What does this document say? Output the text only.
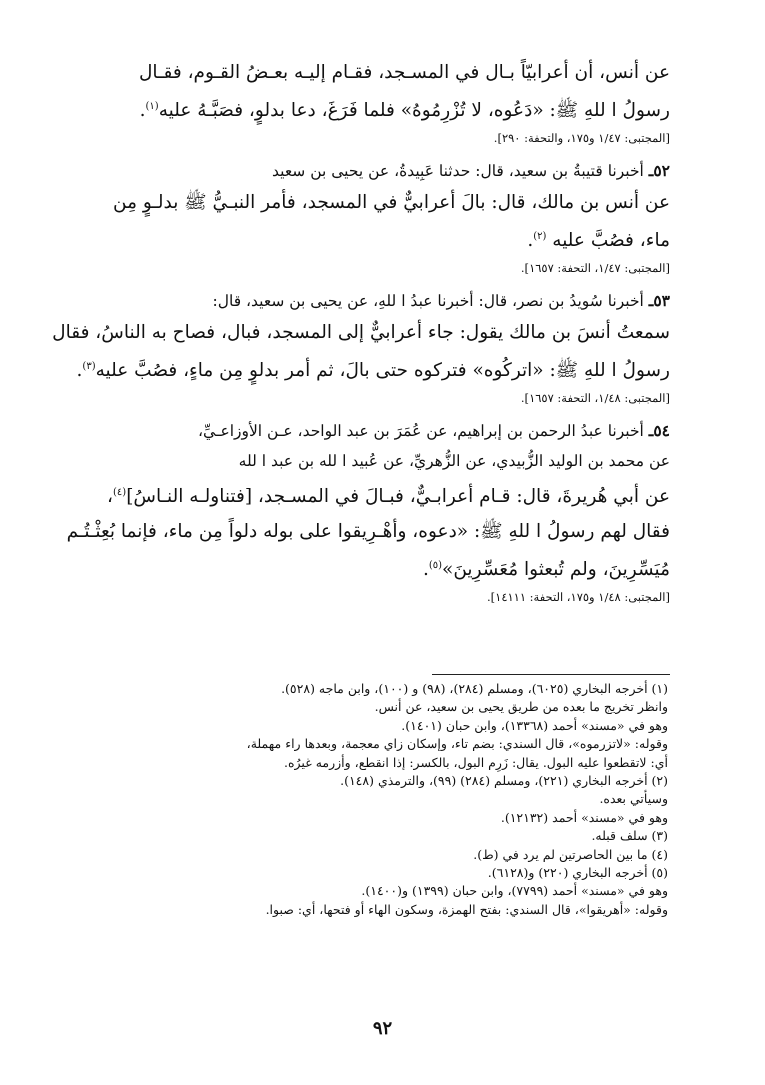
عن أنس، أن أعرابيّاً بـال في المسـجد، فقـام إليـه بعـضُ القـوم، فقـال

رسولُ ا للهِ ﷺ: «دَعُوه، لا تُزْرِمُوهُ» فلما فَرَغَ، دعا بدلوٍ، فصَبَّـهُ عليه$^{(١)}$.

[المجتبى: ١/٤٧ و١٧٥، والتحفة: ٢٩٠].

٥٢ـ أخبرنا قتيبةُ بن سعيد، قال: حدثنا عَبِيدةُ، عن يحيى بن سعيد

عن أنس بن مالك، قال: بالَ أعرابيٌّ في المسجد، فأمر النبـيُّ ﷺ بدلـوٍ مِن

ماء، فصُبَّ عليه $^{(٢)}$.

[المجتبى: ١/٤٧، التحفة: ١٦٥٧].

٥٣ـ أخبرنا سُويدُ بن نصر، قال: أخبرنا عبدُ ا للهِ، عن يحيى بن سعيد، قال:

سمعتُ أنسَ بن مالك يقول: جاء أعرابيٌّ إلى المسجد، فبال، فصاح به الناسُ، فقال

رسولُ ا للهِ ﷺ: «اتركُوه» فتركوه حتى بالَ، ثم أمر بدلوٍ مِن ماءٍ، فصُبَّ عليه$^{(٣)}$.

[المجتبى: ١/٤٨، التحفة: ١٦٥٧].

٥٤ـ أخبرنا عبدُ الرحمن بن إبراهيم، عن عُمَرَ بن عبد الواحد، عـن الأوزاعـيِّ،

عن محمد بن الوليد الزُّبيدي، عن الزُّهريِّ، عن عُبيد ا لله بن عبد ا لله

عن أبي هُريرةَ، قال: قـام أعرابـيٌّ، فبـالَ في المسـجد، [فتناولـه النـاسُ]$^{(٤)}$،

فقال لهم رسولُ ا للهِ ﷺ: «دعوه، وأهْـرِيقوا على بوله دلواً مِن ماء، فإنما بُعِثْـتُـم

مُيَسِّرِينَ، ولم تُبعثوا مُعَسِّرِينَ»$^{(٥)}$.

[المجتبى: ١/٤٨ و١٧٥، التحفة: ١٤١١١].

(١) أخرجه البخاري (٦٠٢٥)، ومسلم (٢٨٤)، (٩٨) و (١٠٠)، وابن ماجه (٥٢٨).

وانظر تخريج ما بعده من طريق يحيى بن سعيد، عن أنس.

وهو في «مسند» أحمد (١٣٣٦٨)، وابن حبان (١٤٠١).

وقوله: «لاتزرموه»، قال السندي: بضم تاء، وإسكان زاي معجمة، وبعدها راء مهملة،

أي: لاتقطعوا عليه البول. يقال: زَرِم البول، بالكسر: إذا انقطع، وأزرمه غيرُه.

(٢) أخرجه البخاري (٢٢١)، ومسلم (٢٨٤) (٩٩)، والترمذي (١٤٨).

وسيأتي بعده.

وهو في «مسند» أحمد (١٢١٣٢).

(٣) سلف قبله.

(٤) ما بين الحاصرتين لم يرد في (ط).

(٥) أخرجه البخاري (٢٢٠) و(٦١٢٨).

وهو في «مسند» أحمد (٧٧٩٩)، وابن حبان (١٣٩٩) و(١٤٠٠).

وقوله: «أهريقوا»، قال السندي: بفتح الهمزة، وسكون الهاء أو فتحها، أي: صبوا.

٩٢
